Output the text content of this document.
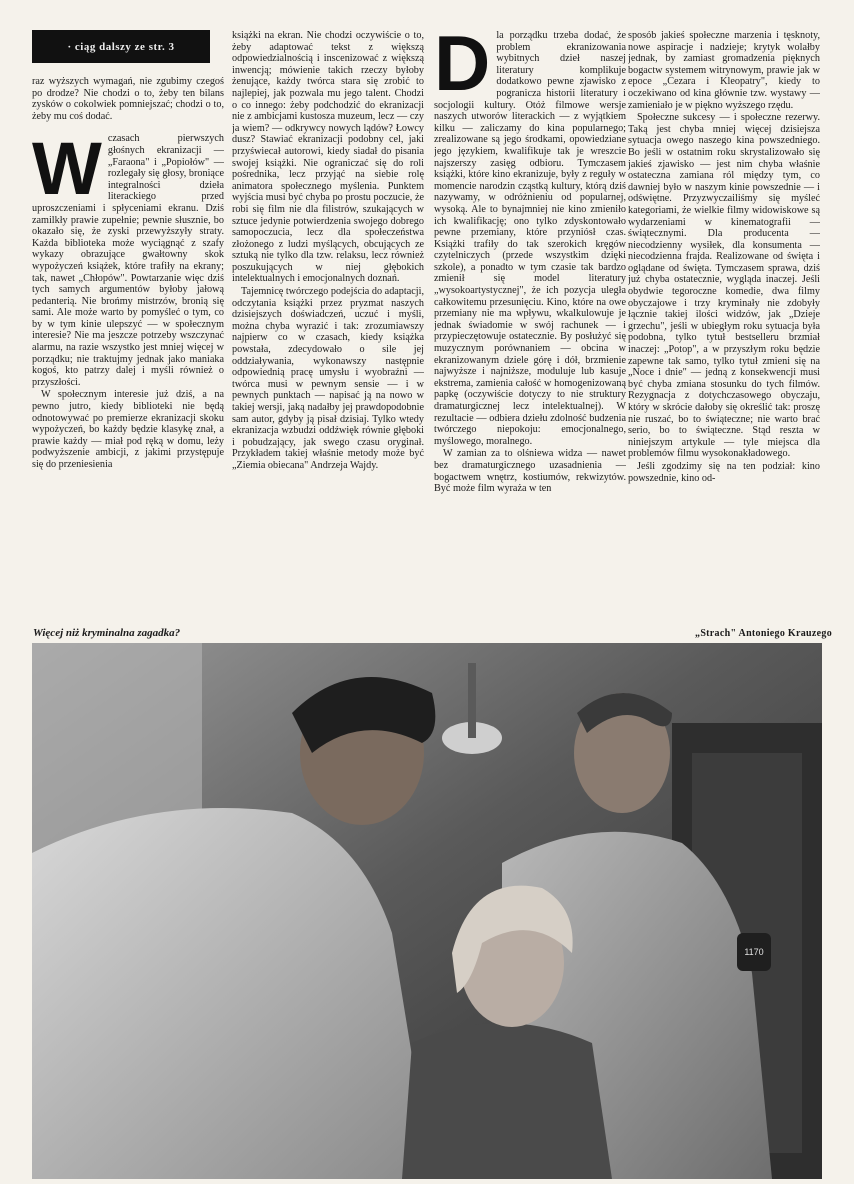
· ciąg dalszy ze str. 3

raz wyższych wymagań, nie zgubimy czegoś po drodze? Nie chodzi o to, żeby ten bilans zysków o cokolwiek pomniejszać; chodzi o to, żeby mu coś dodać.

Wczasach pierwszych głośnych ekranizacji — „Faraona" i „Popiołów" — rozlegały się głosy, broniące integralności dzieła literackiego przed uproszczeniami i spłyceniami ekranu. Dziś zamilkły prawie zupełnie; pewnie słusznie, bo okazało się, że zyski przewyższyły straty. Każda biblioteka może wyciągnąć z szafy wykazy obrazujące gwałtowny skok wypożyczeń książek, które trafiły na ekrany; tak, nawet „Chłopów". Powtarzanie więc dziś tych samych argumentów byłoby jałową pedanterią. Nie brońmy mistrzów, bronią się sami. Ale może warto by pomyśleć o tym, co by w tym kinie ulepszyć — w społecznym interesie? Nie ma jeszcze potrzeby wszczynać alarmu, na razie wszystko jest mniej więcej w porządku; nie traktujmy jednak jako maniaka kogoś, kto patrzy dalej i myśli również o przyszłości.

W społecznym interesie już dziś, a na pewno jutro, kiedy biblioteki nie będą odnotowywać po premierze ekranizacji skoku wypożyczeń, bo każdy będzie klasykę znał, a prawie każdy — miał pod ręką w domu, leży podwyższenie ambicji, z jakimi przystępuje się do przeniesienia

książki na ekran. Nie chodzi oczywiście o to, żeby adaptować tekst z większą odpowiedzialnością i inscenizować z większą inwencją; mówienie takich rzeczy byłoby żenujące, każdy twórca stara się zrobić to najlepiej, jak pozwala mu jego talent. Chodzi o co innego: żeby podchodzić do ekranizacji nie z ambicjami kustosza muzeum, lecz — czy ja wiem? — odkrywcy nowych lądów? Łowcy dusz? Stawiać ekranizacji podobny cel, jaki przyświecał autorowi, kiedy siadał do pisania swojej książki. Nie ograniczać się do roli pośrednika, lecz przyjąć na siebie rolę animatora społecznego myślenia. Punktem wyjścia musi być chyba po prostu poczucie, że robi się film nie dla filistrów, szukających w sztuce jedynie potwierdzenia swojego dobrego samopoczucia, lecz dla społeczeństwa złożonego z ludzi myślących, obcujących ze sztuką nie tylko dla tzw. relaksu, lecz również poszukujących w niej głębokich intelektualnych i emocjonalnych doznań.

Tajemnicę twórczego podejścia do adaptacji, odczytania książki przez pryzmat naszych dzisiejszych doświadczeń, uczuć i myśli, można chyba wyrazić i tak: zrozumiawszy najpierw co w czasach, kiedy książka powstała, zdecydowało o sile jej oddziaływania, wykonawszy następnie odpowiednią pracę umysłu i wyobraźni — twórca musi w pewnym sensie — i w pewnych punktach — napisać ją na nowo w takiej wersji, jaką nadałby jej prawdopodobnie sam autor, gdyby ją pisał dzisiaj. Tylko wtedy ekranizacja wzbudzi oddźwięk równie głęboki i pobudzający, jak swego czasu oryginał. Przykładem takiej właśnie metody może być „Ziemia obiecana" Andrzeja Wajdy.

Dla porządku trzeba dodać, że problem ekranizowania wybitnych dzieł naszej literatury komplikuje dodatkowo pewne zjawisko z pogranicza historii literatury i socjologii kultury. Otóż filmowe wersje naszych utworów literackich — z wyjątkiem kilku — zaliczamy do kina popularnego; zrealizowane są jego środkami, opowiedziane jego językiem, kwalifikuje tak je wreszcie najszerszy zasięg odbioru. Tymczasem książki, które kino ekranizuje, były z reguły w momencie narodzin cząstką kultury, którą dziś nazywamy, w odróżnieniu od popularnej, wysoką. Ale to bynajmniej nie kino zmieniło ich kwalifikację; ono tylko zdyskontowało pewne przemiany, które przyniósł czas. Książki trafiły do tak szerokich kręgów czytelniczych (przede wszystkim dzięki szkole), a ponadto w tym czasie tak bardzo zmienił się model literatury „wysokoartystycznej", że ich pozycja uległa całkowitemu przesunięciu. Kino, które na owe przemiany nie ma wpływu, wkalkulowuje je jednak świadomie w swój rachunek — i przypieczętowuje ostatecznie. By posłużyć się muzycznym porównaniem — obcina w ekranizowanym dziele górę i dół, brzmienie najwyższe i najniższe, moduluje lub kasuje ekstrema, zamienia całość w homogenizowaną papkę (oczywiście dotyczy to nie struktury dramaturgicznej lecz intelektualnej). W rezultacie — odbiera dziełu zdolność budzenia twórczego niepokoju: emocjonalnego, myślowego, moralnego.

W zamian za to olśniewa widza — nawet bez dramaturgicznego uzasadnienia — bogactwem wnętrz, kostiumów, rekwizytów. Być może film wyraża w ten

sposób jakieś społeczne marzenia i tęsknoty, nowe aspiracje i nadzieje; krytyk wolałby jednak, by zamiast gromadzenia pięknych bogactw systemem witrynowym, prawie jak w epoce „Cezara i Kleopatry", kiedy to oczekiwano od kina głównie tzw. wystawy — zamieniało je w piękno wyższego rzędu.

Społeczne sukcesy — i społeczne rezerwy. Taką jest chyba mniej więcej dzisiejsza sytuacja owego naszego kina powszedniego. Bo jeśli w ostatnim roku skrystalizowało się jakieś zjawisko — jest nim chyba właśnie ostateczna zamiana ról między tym, co dawniej było w naszym kinie powszednie — i odświętne. Przyzwyczailiśmy się myśleć kategoriami, że wielkie filmy widowiskowe są wydarzeniami w kinematografii — świątecznymi. Dla producenta — niecodzienny wysiłek, dla konsumenta — niecodzienna frajda. Realizowane od święta i oglądane od święta. Tymczasem sprawa, dziś już chyba ostatecznie, wygląda inaczej. Jeśli obydwie tegoroczne komedie, dwa filmy obyczajowe i trzy kryminały nie zdobyły łącznie takiej ilości widzów, jak „Dzieje grzechu", jeśli w ubiegłym roku sytuacja była podobna, tylko tytuł bestselleru brzmiał inaczej: „Potop", a w przyszłym roku będzie zapewne tak samo, tylko tytuł zmieni się na „Noce i dnie" — jedną z konsekwencji musi być chyba zmiana stosunku do tych filmów. Rezygnacja z dotychczasowego obyczaju, który w skrócie dałoby się określić tak: proszę nie ruszać, bo to świąteczne; nie warto brać serio, bo to świąteczne. Stąd reszta w niniejszym artykule — tyle miejsca dla problemów filmu wysokonakładowego.

Jeśli zgodzimy się na ten podział: kino powszednie, kino od-

Więcej niż kryminalna zagadka?	„Strach" Antoniego Krauzego
1170
